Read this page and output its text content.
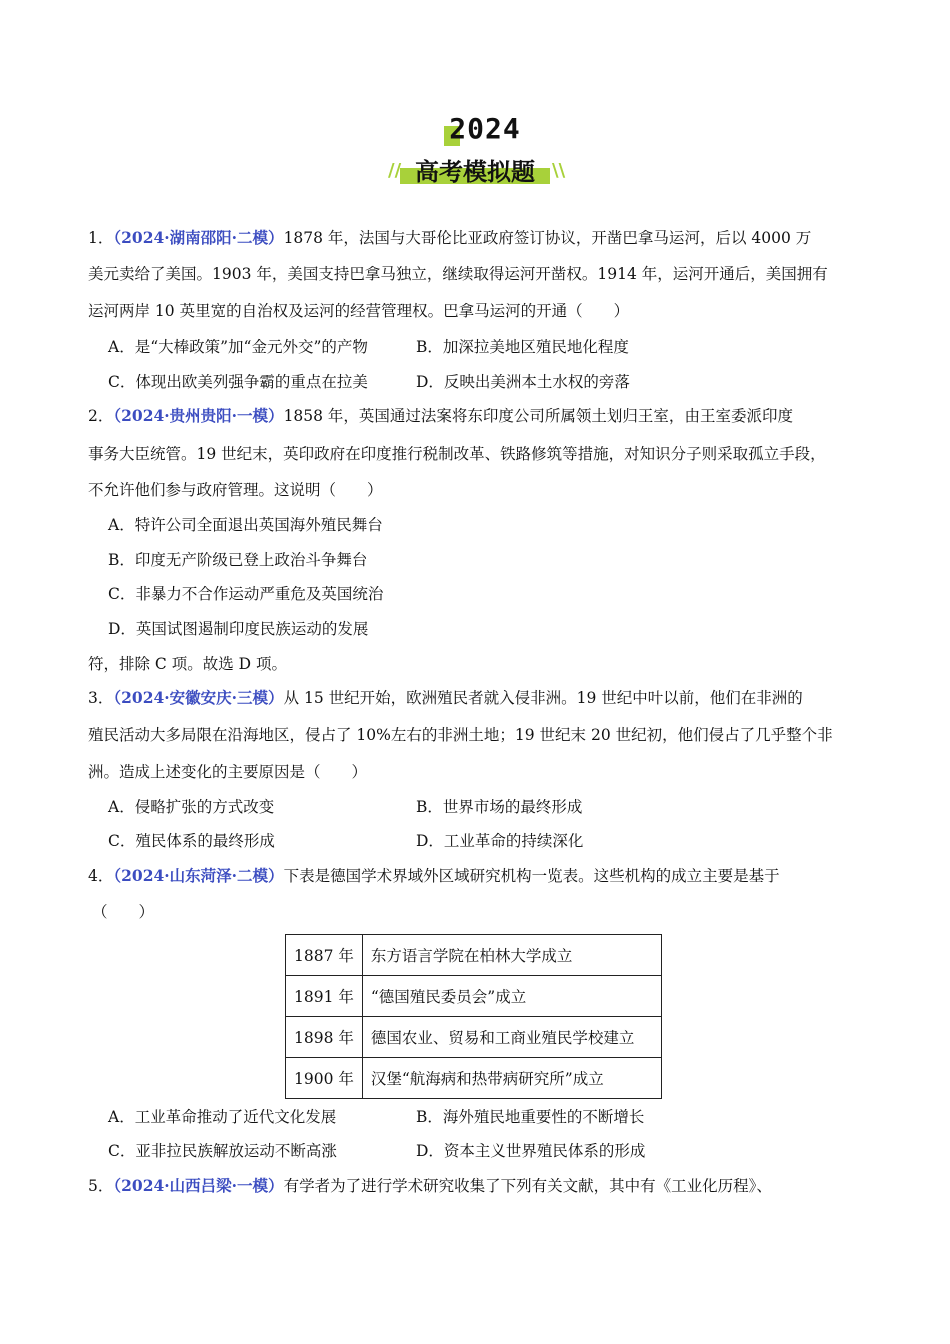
2024
// 高考模拟题 \\
1．（2024·湖南邵阳·二模）1878 年，法国与大哥伦比亚政府签订协议，开凿巴拿马运河，后以 4000 万
美元卖给了美国。1903 年，美国支持巴拿马独立，继续取得运河开凿权。1914 年，运河开通后，美国拥有
运河两岸 10 英里宽的自治权及运河的经营管理权。巴拿马运河的开通（　　）
A．是“大棒政策”加“金元外交”的产物	B．加深拉美地区殖民地化程度
C．体现出欧美列强争霸的重点在拉美	D．反映出美洲本土水权的旁落
2．（2024·贵州贵阳·一模）1858 年，英国通过法案将东印度公司所属领土划归王室，由王室委派印度
事务大臣统管。19 世纪末，英印政府在印度推行税制改革、铁路修筑等措施，对知识分子则采取孤立手段，
不允许他们参与政府管理。这说明（　　）
A．特许公司全面退出英国海外殖民舞台
B．印度无产阶级已登上政治斗争舞台
C．非暴力不合作运动严重危及英国统治
D．英国试图遏制印度民族运动的发展
符，排除 C 项。故选 D 项。
3．（2024·安徽安庆·三模）从 15 世纪开始，欧洲殖民者就入侵非洲。19 世纪中叶以前，他们在非洲的
殖民活动大多局限在沿海地区，侵占了 10%左右的非洲土地；19 世纪末 20 世纪初，他们侵占了几乎整个非
洲。造成上述变化的主要原因是（　　）
A．侵略扩张的方式改变	B．世界市场的最终形成
C．殖民体系的最终形成	D．工业革命的持续深化
4．（2024·山东菏泽·二模）下表是德国学术界域外区域研究机构一览表。这些机构的成立主要是基于
（　　）
1887 年	东方语言学院在柏林大学成立
1891 年	“德国殖民委员会”成立
1898 年	德国农业、贸易和工商业殖民学校建立
1900 年	汉堡“航海病和热带病研究所”成立
A．工业革命推动了近代文化发展	B．海外殖民地重要性的不断增长
C．亚非拉民族解放运动不断高涨	D．资本主义世界殖民体系的形成
5．（2024·山西吕梁·一模）有学者为了进行学术研究收集了下列有关文献，其中有《工业化历程》、
